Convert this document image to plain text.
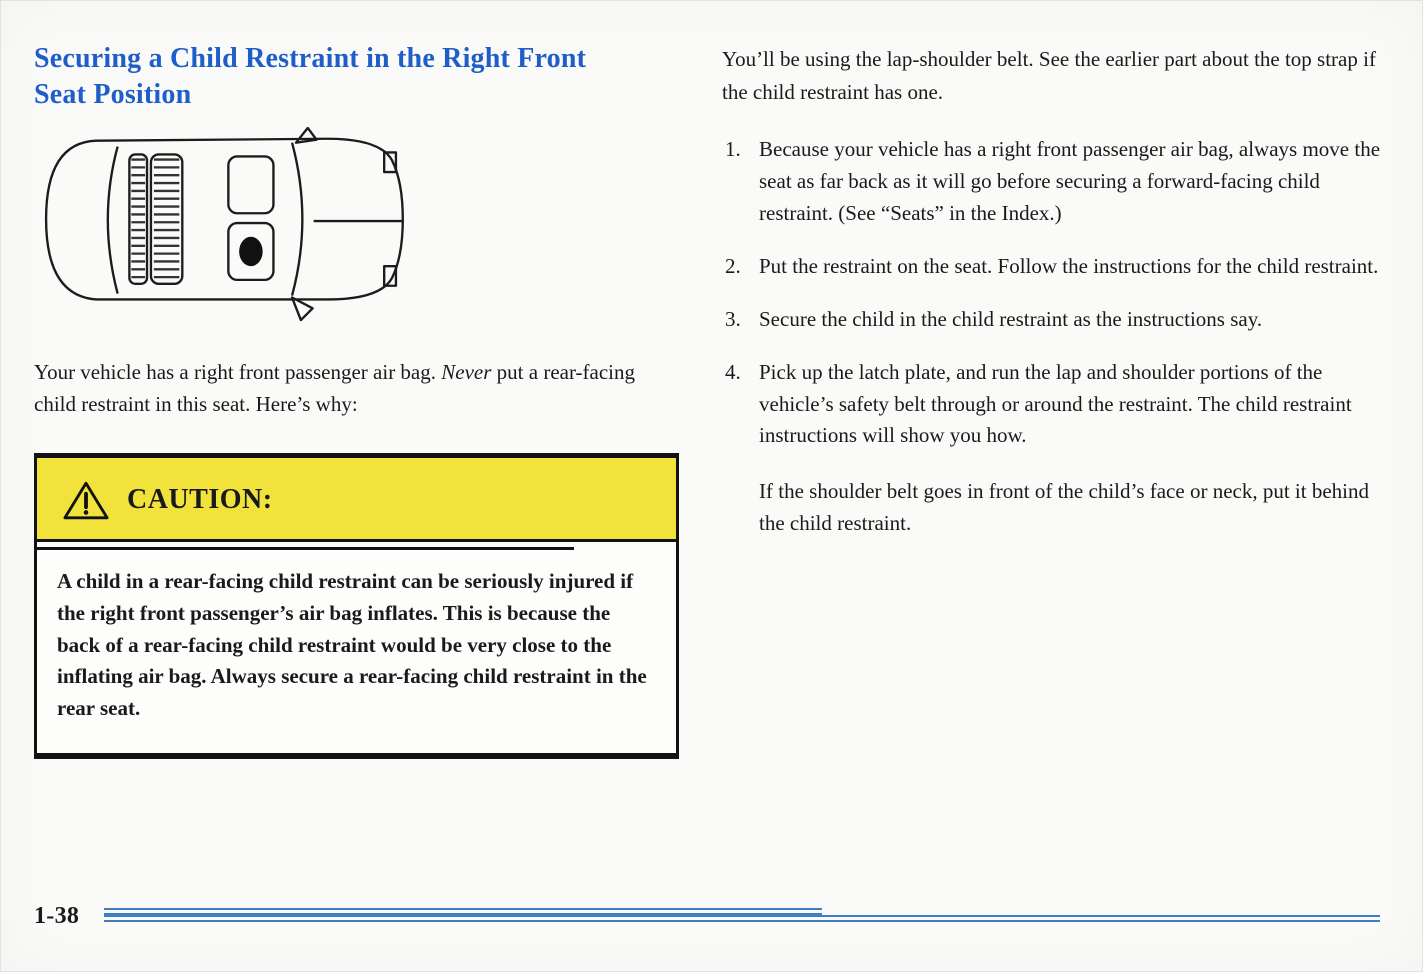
Securing a Child Restraint in the Right Front Seat Position

Your vehicle has a right front passenger air bag. Never put a rear-facing child restraint in this seat. Here’s why:

CAUTION:
A child in a rear-facing child restraint can be seriously injured if the right front passenger’s air bag inflates. This is because the back of a rear-facing child restraint would be very close to the inflating air bag. Always secure a rear-facing child restraint in the rear seat.

You’ll be using the lap-shoulder belt. See the earlier part about the top strap if the child restraint has one.

1. Because your vehicle has a right front passenger air bag, always move the seat as far back as it will go before securing a forward-facing child restraint. (See “Seats” in the Index.)
2. Put the restraint on the seat. Follow the instructions for the child restraint.
3. Secure the child in the child restraint as the instructions say.
4. Pick up the latch plate, and run the lap and shoulder portions of the vehicle’s safety belt through or around the restraint. The child restraint instructions will show you how.

If the shoulder belt goes in front of the child’s face or neck, put it behind the child restraint.

1-38
